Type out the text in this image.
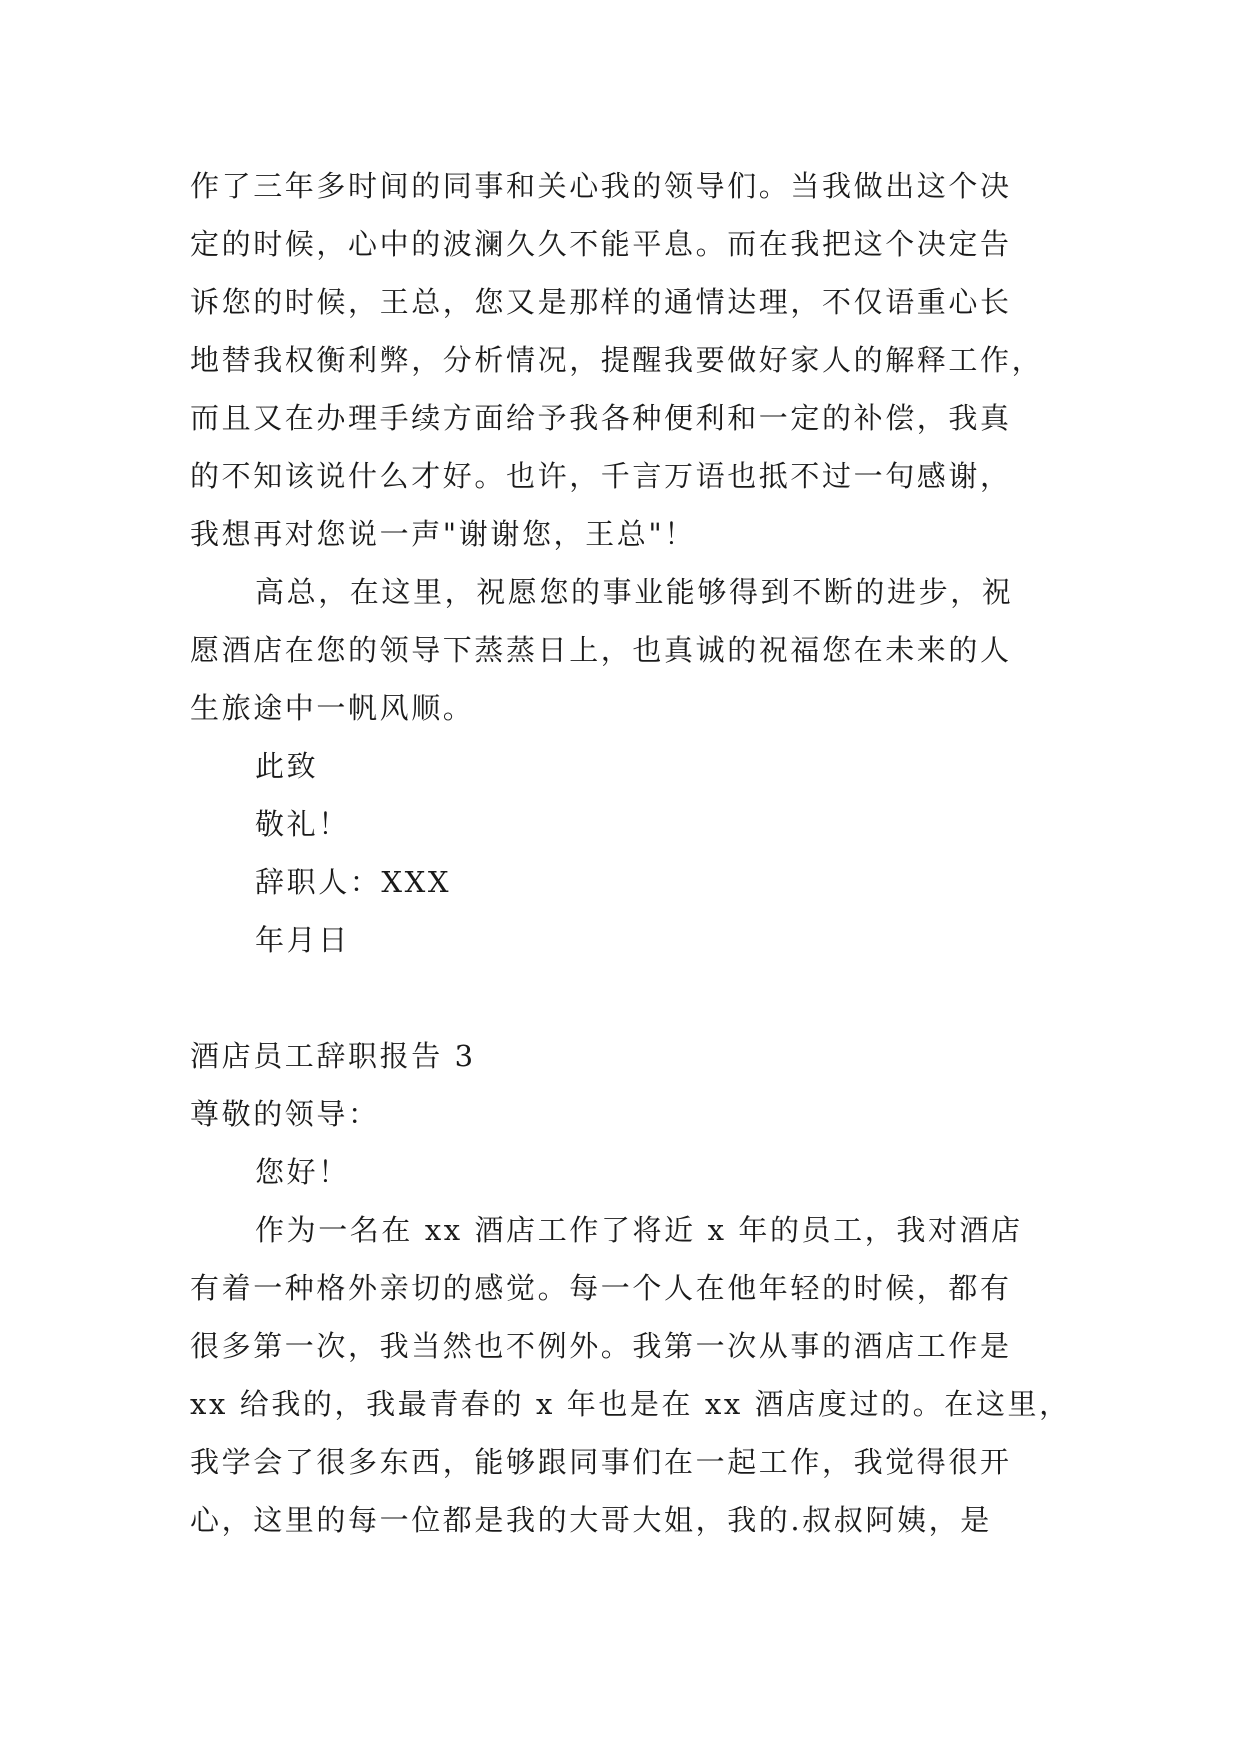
作了三年多时间的同事和关心我的领导们。当我做出这个决
定的时候，心中的波澜久久不能平息。而在我把这个决定告
诉您的时候，王总，您又是那样的通情达理，不仅语重心长
地替我权衡利弊，分析情况，提醒我要做好家人的解释工作，
而且又在办理手续方面给予我各种便利和一定的补偿，我真
的不知该说什么才好。也许，千言万语也抵不过一句感谢，
我想再对您说一声"谢谢您，王总"！
高总，在这里，祝愿您的事业能够得到不断的进步，祝
愿酒店在您的领导下蒸蒸日上，也真诚的祝福您在未来的人
生旅途中一帆风顺。
此致
敬礼！
辞职人：XXX
年月日
酒店员工辞职报告 3
尊敬的领导：
您好！
作为一名在 xx 酒店工作了将近 x 年的员工，我对酒店
有着一种格外亲切的感觉。每一个人在他年轻的时候，都有
很多第一次，我当然也不例外。我第一次从事的酒店工作是
xx 给我的，我最青春的 x 年也是在 xx 酒店度过的。在这里，
我学会了很多东西，能够跟同事们在一起工作，我觉得很开
心，这里的每一位都是我的大哥大姐，我的.叔叔阿姨，是
